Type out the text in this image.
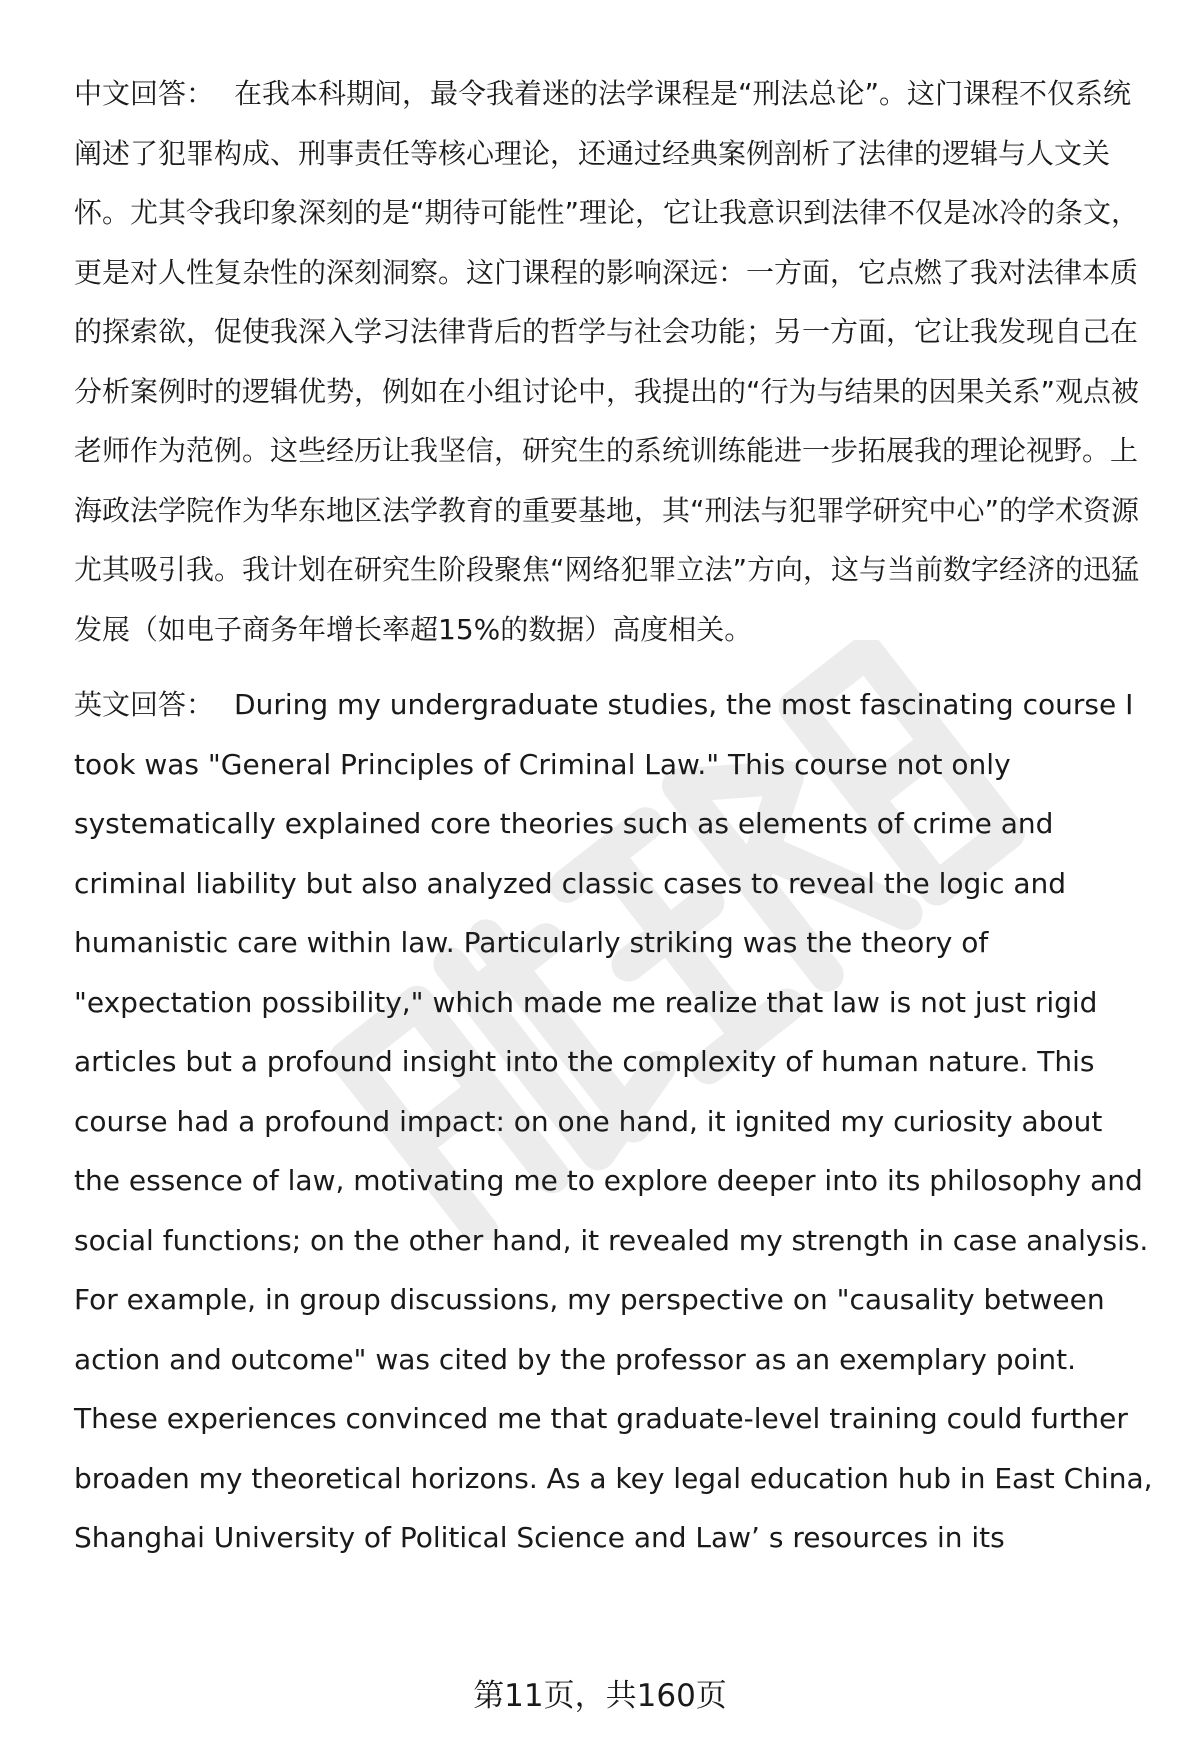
中文回答： 在我本科期间，最令我着迷的法学课程是“刑法总论”。这门课程不仅系统阐述了犯罪构成、刑事责任等核心理论，还通过经典案例剖析了法律的逻辑与人文关怀。尤其令我印象深刻的是“期待可能性”理论，它让我意识到法律不仅是冰冷的条文，更是对人性复杂性的深刻洞察。这门课程的影响深远：一方面，它点燃了我对法律本质的探索欲，促使我深入学习法律背后的哲学与社会功能；另一方面，它让我发现自己在分析案例时的逻辑优势，例如在小组讨论中，我提出的“行为与结果的因果关系”观点被老师作为范例。这些经历让我坚信，研究生的系统训练能进一步拓展我的理论视野。上海政法学院作为华东地区法学教育的重要基地，其“刑法与犯罪学研究中心”的学术资源尤其吸引我。我计划在研究生阶段聚焦“网络犯罪立法”方向，这与当前数字经济的迅猛发展（如电子商务年增长率超15%的数据）高度相关。

英文回答： During my undergraduate studies, the most fascinating course I took was "General Principles of Criminal Law." This course not only systematically explained core theories such as elements of crime and criminal liability but also analyzed classic cases to reveal the logic and humanistic care within law. Particularly striking was the theory of "expectation possibility," which made me realize that law is not just rigid articles but a profound insight into the complexity of human nature. This course had a profound impact: on one hand, it ignited my curiosity about the essence of law, motivating me to explore deeper into its philosophy and social functions; on the other hand, it revealed my strength in case analysis. For example, in group discussions, my perspective on "causality between action and outcome" was cited by the professor as an exemplary point. These experiences convinced me that graduate-level training could further broaden my theoretical horizons. As a key legal education hub in East China, Shanghai University of Political Science and Law’ s resources in its

第11页，共160页
